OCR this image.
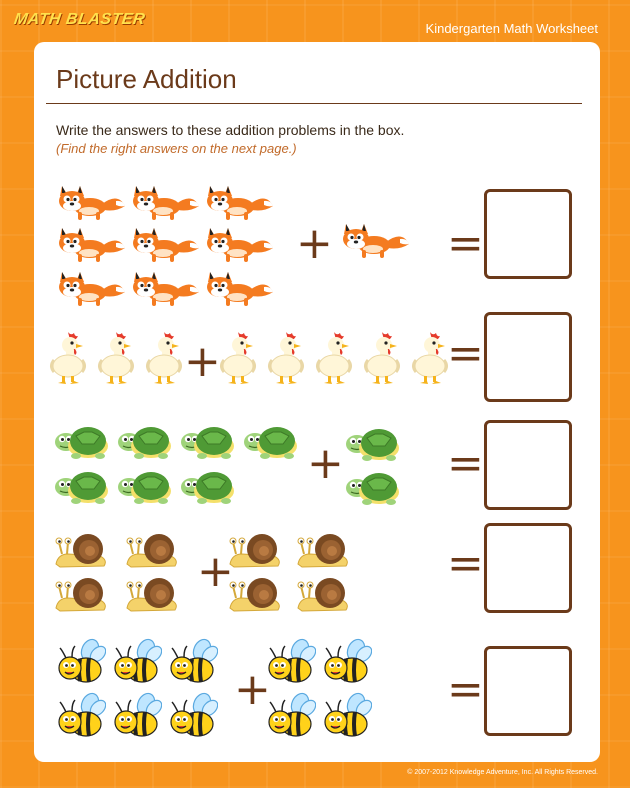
MATH BLASTER
Kindergarten Math Worksheet
Picture Addition
Write the answers to these addition problems in the box.
(Find the right answers on the next page.)
+	=
+	=
+ =
+	=
+	=
© 2007-2012 Knowledge Adventure, Inc. All Rights Reserved.
